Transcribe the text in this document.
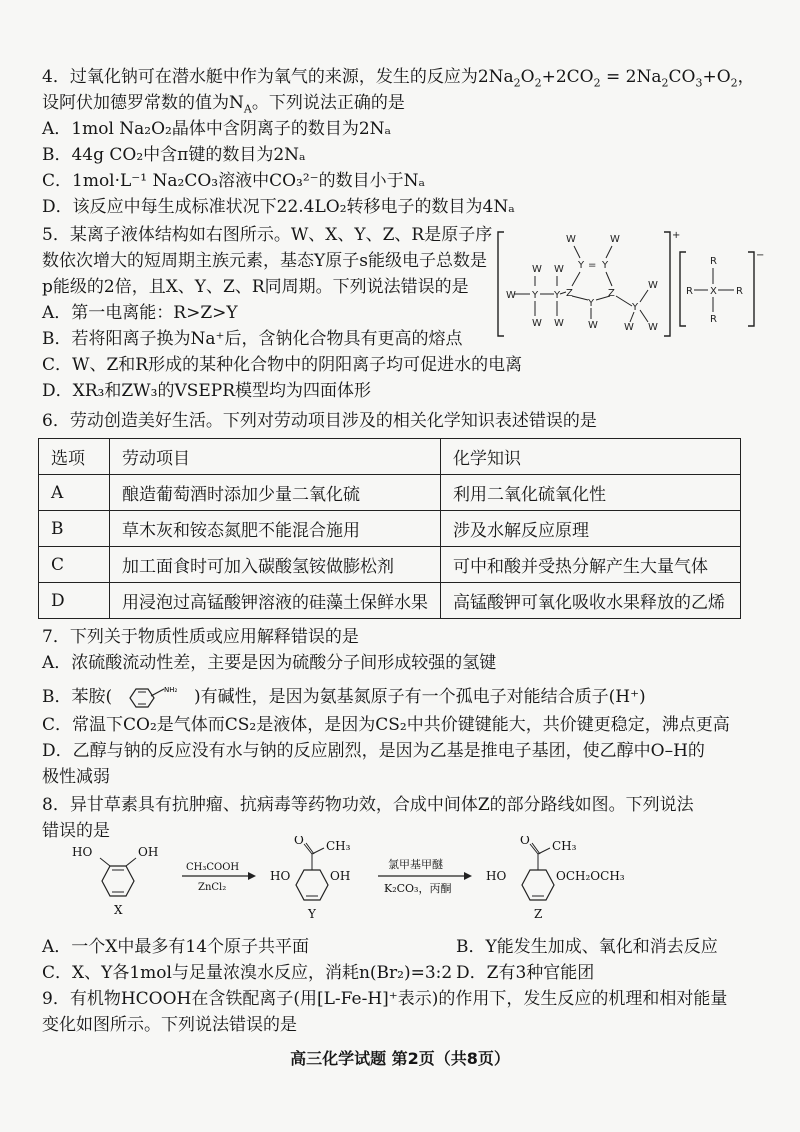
4．过氧化钠可在潜水艇中作为氧气的来源，发生的反应为$2Na_2O_2+2CO_2 = 2Na_2CO_3+O_2$，
设阿伏加德罗常数的值为$N_A$。下列说法正确的是
A．1mol Na₂O₂晶体中含阴离子的数目为2Nₐ
B．44g CO₂中含π键的数目为2Nₐ
C．1mol·L⁻¹ Na₂CO₃溶液中CO₃²⁻的数目小于Nₐ
D．该反应中每生成标准状况下22.4LO₂转移电子的数目为4Nₐ
5．某离子液体结构如右图所示。W、X、Y、Z、R是原子序
数依次增大的短周期主族元素，基态Y原子s能级电子总数是
p能级的2倍，且X、Y、Z、R同周期。下列说法错误的是
A．第一电离能：R>Z>Y
B．若将阳离子换为Na⁺后，含钠化合物具有更高的熔点
C．W、Z和R形成的某种化合物中的阴阳离子均可促进水的电离
D．XR₃和ZW₃的VSEPR模型均为四面体形
+
−
W	W
Y Y
=
Z	Z
Y
W
Y Y
W
W W
W W
Y
W
W
W
R
R
R	R
X
6．劳动创造美好生活。下列对劳动项目涉及的相关化学知识表述错误的是
选项	劳动项目	化学知识
A	酿造葡萄酒时添加少量二氧化硫	利用二氧化硫氧化性
B	草木灰和铵态氮肥不能混合施用	涉及水解反应原理
C	加工面食时可加入碳酸氢铵做膨松剂	可中和酸并受热分解产生大量气体
D	用浸泡过高锰酸钾溶液的硅藻土保鲜水果	高锰酸钾可氧化吸收水果释放的乙烯
7．下列关于物质性质或应用解释错误的是
A．浓硫酸流动性差，主要是因为硫酸分子间形成较强的氢键
B．苯胺(	NH₂ )有碱性，是因为氨基氮原子有一个孤电子对能结合质子(H⁺)
C．常温下CO₂是气体而CS₂是液体，是因为CS₂中共价键键能大，共价键更稳定，沸点更高
D．乙醇与钠的反应没有水与钠的反应剧烈，是因为乙基是推电子基团，使乙醇中O–H的
极性减弱
8．异甘草素具有抗肿瘤、抗病毒等药物功效，合成中间体Z的部分路线如图。下列说法
错误的是
HO	OH
X
CH₃COOH
ZnCl₂
O CH₃
HO	OH
Y
氯甲基甲醚
K₂CO₃，丙酮
O CH₃
HO	OCH₂OCH₃
Z
A．一个X中最多有14个原子共平面	B．Y能发生加成、氧化和消去反应
C．X、Y各1mol与足量浓溴水反应，消耗n(Br₂)=3:2 D．Z有3种官能团
9．有机物HCOOH在含铁配离子(用[L-Fe-H]⁺表示)的作用下，发生反应的机理和相对能量
变化如图所示。下列说法错误的是
高三化学试题 第2页（共8页）
